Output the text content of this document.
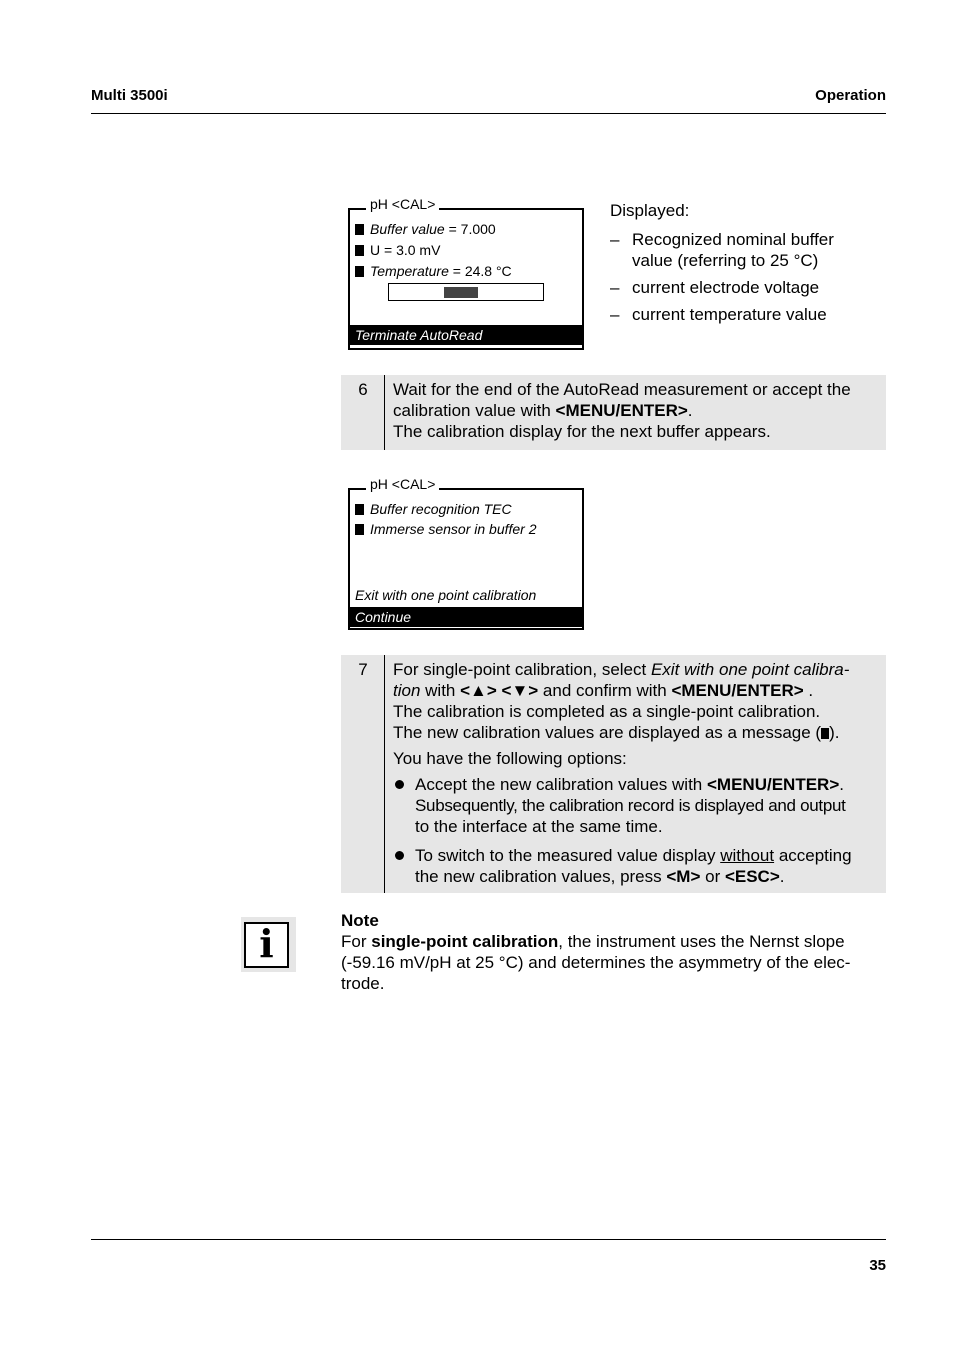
Multi 3500i	Operation
pH <CAL>
Buffer value = 7.000
U = 3.0 mV
Temperature = 24.8 °C
Terminate AutoRead
Displayed:
– Recognized nominal buffer
value (referring to 25 °C)
– current electrode voltage
– current temperature value
6	Wait for the end of the AutoRead measurement or accept the
calibration value with <MENU/ENTER>.
The calibration display for the next buffer appears.
pH <CAL>
Buffer recognition TEC
Immerse sensor in buffer 2
Exit with one point calibration
Continue
7	For single-point calibration, select Exit with one point calibra-
tion with <▲> <▼> and confirm with <MENU/ENTER> .
The calibration is completed as a single-point calibration.
The new calibration values are displayed as a message ( ).
You have the following options:
Accept the new calibration values with <MENU/ENTER>.
Subsequently, the calibration record is displayed and output
to the interface at the same time.
To switch to the measured value display without accepting
the new calibration values, press <M> or <ESC>.
i
Note
For single-point calibration, the instrument uses the Nernst slope
(-59.16 mV/pH at 25 °C) and determines the asymmetry of the elec-
trode.
35
